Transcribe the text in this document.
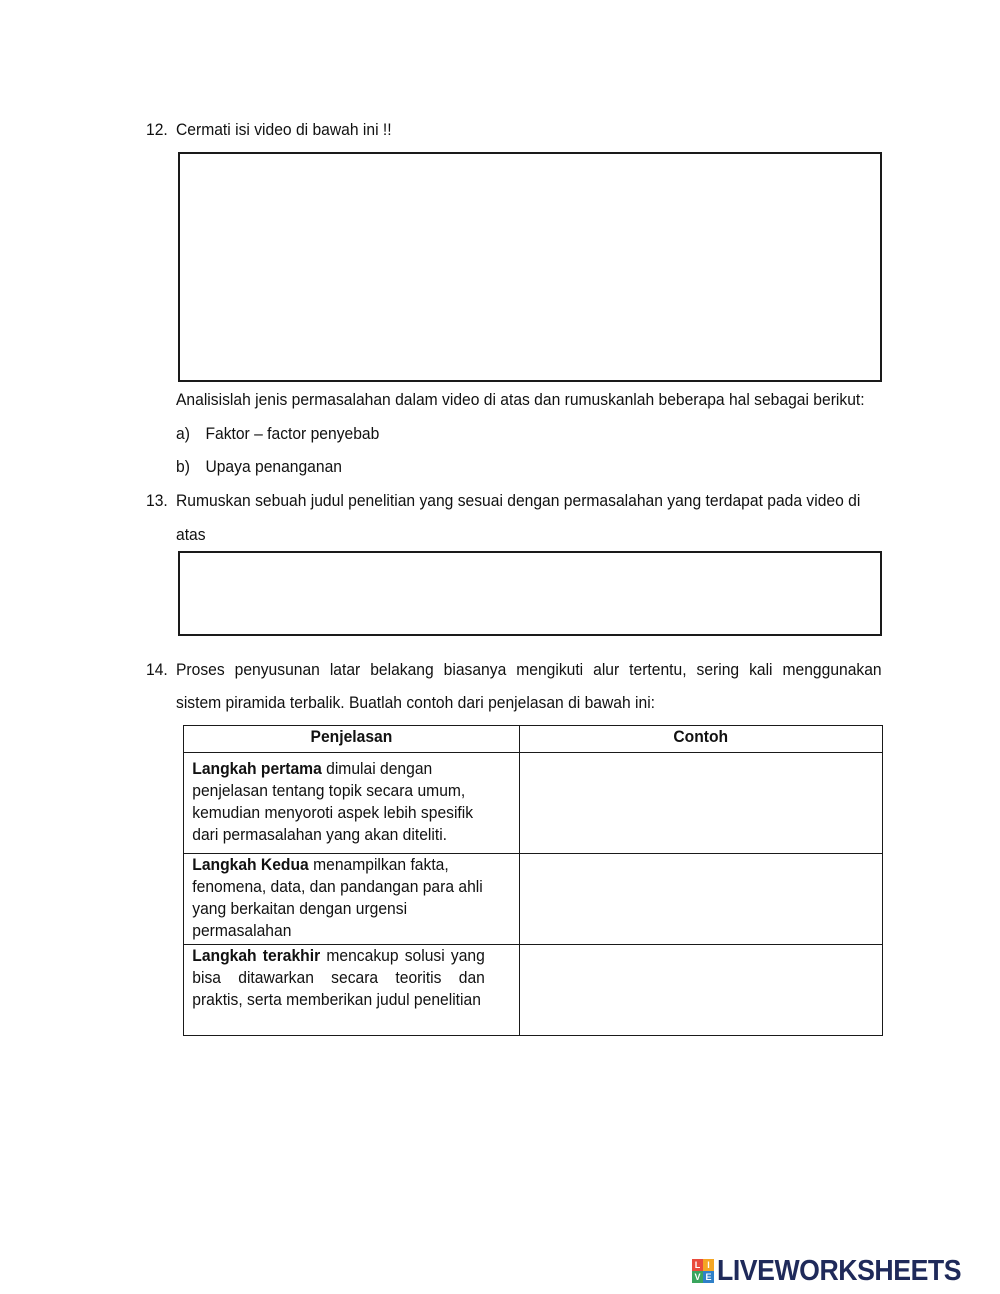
12. Cermati isi video di bawah ini !!
Analisislah jenis permasalahan dalam video di atas dan rumuskanlah beberapa hal sebagai berikut:
a) Faktor – factor penyebab
b) Upaya penanganan
13. Rumuskan sebuah judul penelitian yang sesuai dengan permasalahan yang terdapat pada video di
atas
14. Proses penyusunan latar belakang biasanya mengikuti alur tertentu, sering kali menggunakan
sistem piramida terbalik. Buatlah contoh dari penjelasan di bawah ini:
Penjelasan	Contoh

Langkah pertama dimulai dengan penjelasan tentang topik secara umum, kemudian menyoroti aspek lebih spesifik dari permasalahan yang akan diteliti.	

Langkah Kedua menampilkan fakta, fenomena, data, dan pandangan para ahli yang berkaitan dengan urgensi permasalahan	

Langkah terakhir mencakup solusi yang bisa ditawarkan secara teoritis dan praktis, serta memberikan judul penelitian	

L I
V E LIVEWORKSHEETS
